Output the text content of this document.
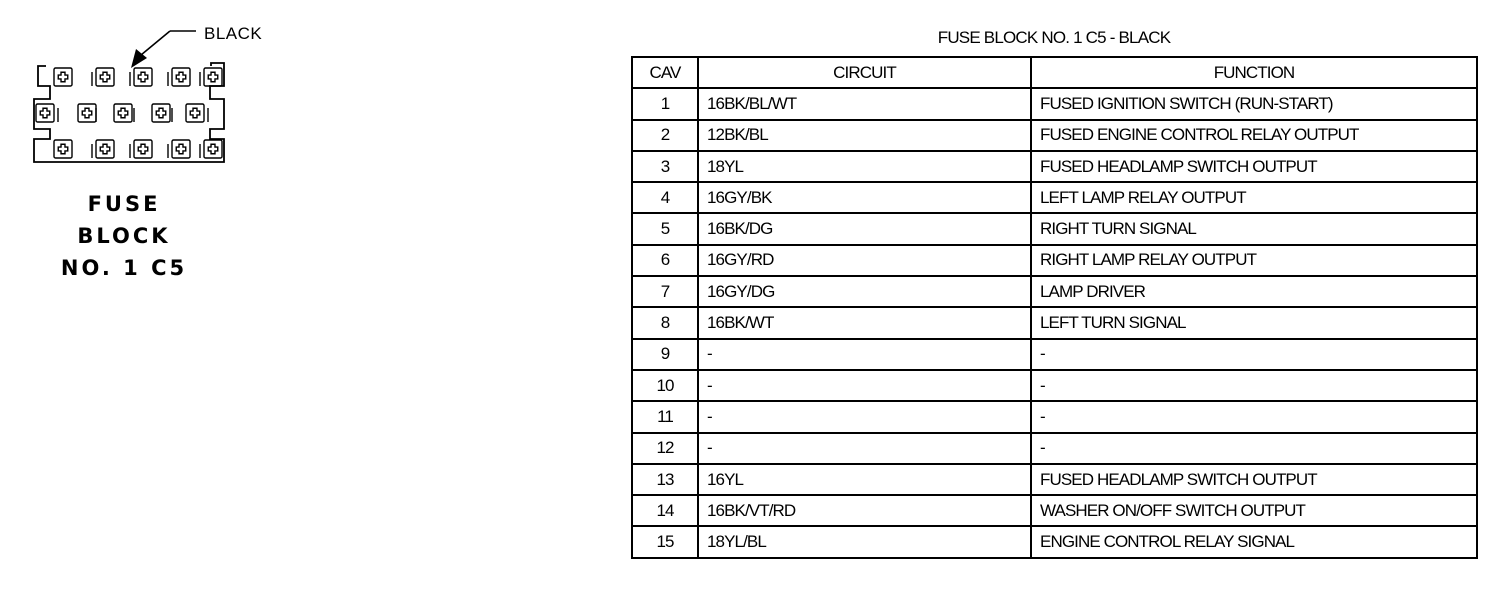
BLACK
FUSE
BLOCK
NO. 1 C5
FUSE BLOCK NO. 1 C5 - BLACK
CAV	CIRCUIT	FUNCTION
1	16BK/BL/WT	FUSED IGNITION SWITCH (RUN-START)
2	12BK/BL	FUSED ENGINE CONTROL RELAY OUTPUT
3	18YL	FUSED HEADLAMP SWITCH OUTPUT
4	16GY/BK	LEFT LAMP RELAY OUTPUT
5	16BK/DG	RIGHT TURN SIGNAL
6	16GY/RD	RIGHT LAMP RELAY OUTPUT
7	16GY/DG	LAMP DRIVER
8	16BK/WT	LEFT TURN SIGNAL
9	-	-
10	-	-
11	-	-
12	-	-
13	16YL	FUSED HEADLAMP SWITCH OUTPUT
14	16BK/VT/RD	WASHER ON/OFF SWITCH OUTPUT
15	18YL/BL	ENGINE CONTROL RELAY SIGNAL
